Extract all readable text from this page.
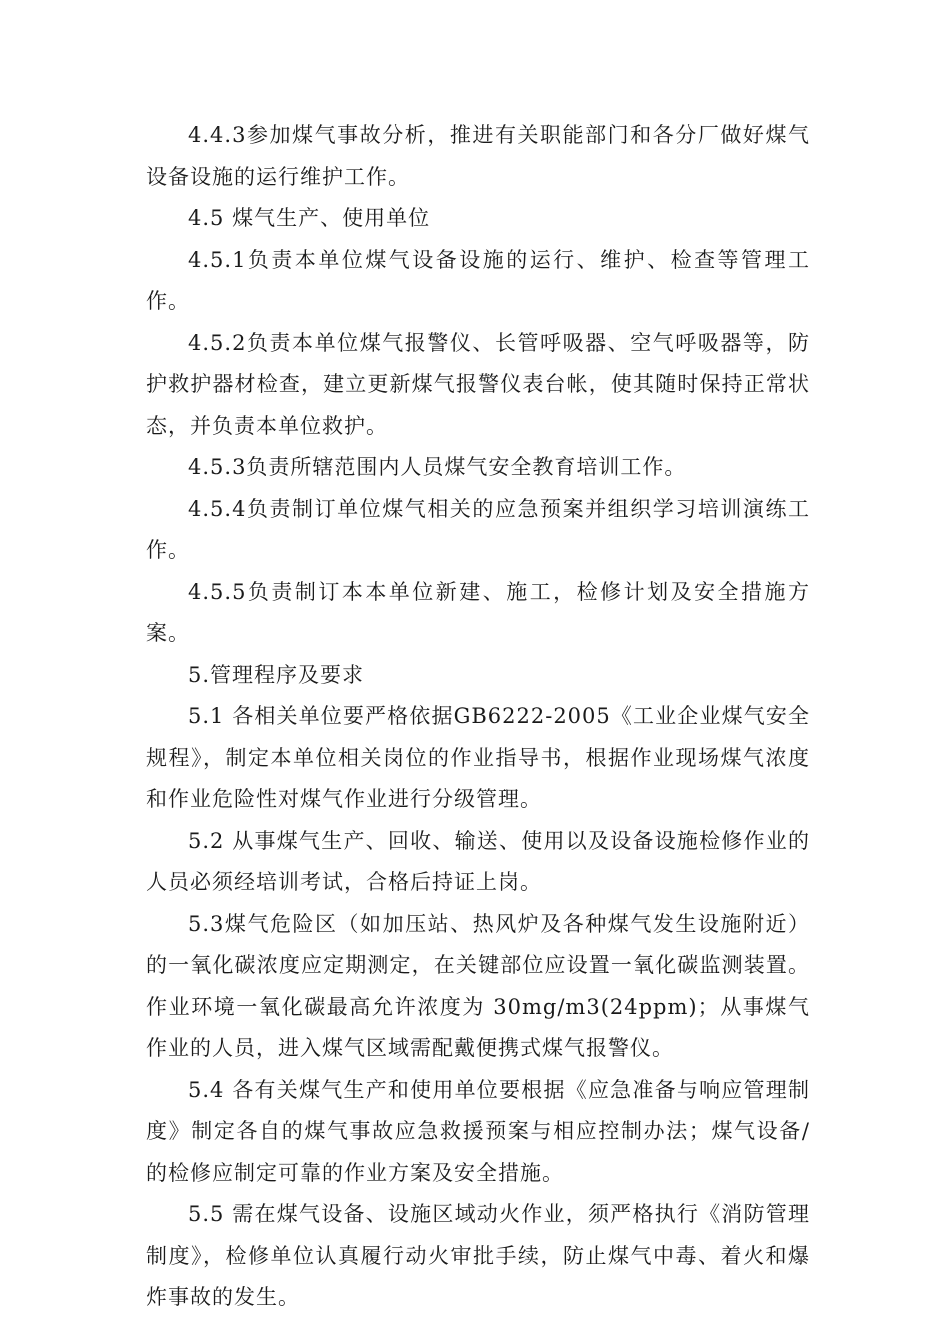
4.4.3参加煤气事故分析，推进有关职能部门和各分厂做好煤气设备设施的运行维护工作。

4.5 煤气生产、使用单位

4.5.1负责本单位煤气设备设施的运行、维护、检查等管理工作。

4.5.2负责本单位煤气报警仪、长管呼吸器、空气呼吸器等，防护救护器材检查，建立更新煤气报警仪表台帐，使其随时保持正常状态，并负责本单位救护。

4.5.3负责所辖范围内人员煤气安全教育培训工作。

4.5.4负责制订单位煤气相关的应急预案并组织学习培训演练工作。

4.5.5负责制订本本单位新建、施工，检修计划及安全措施方案。

5.管理程序及要求

5.1 各相关单位要严格依据GB6222-2005《工业企业煤气安全规程》，制定本单位相关岗位的作业指导书，根据作业现场煤气浓度和作业危险性对煤气作业进行分级管理。

5.2 从事煤气生产、回收、输送、使用以及设备设施检修作业的人员必须经培训考试，合格后持证上岗。

5.3煤气危险区（如加压站、热风炉及各种煤气发生设施附近）的一氧化碳浓度应定期测定，在关键部位应设置一氧化碳监测装置。作业环境一氧化碳最高允许浓度为 30mg/m3(24ppm)；从事煤气作业的人员，进入煤气区域需配戴便携式煤气报警仪。

5.4 各有关煤气生产和使用单位要根据《应急准备与响应管理制度》制定各自的煤气事故应急救援预案与相应控制办法；煤气设备/的检修应制定可靠的作业方案及安全措施。

5.5 需在煤气设备、设施区域动火作业，须严格执行《消防管理制度》，检修单位认真履行动火审批手续，防止煤气中毒、着火和爆炸事故的发生。
